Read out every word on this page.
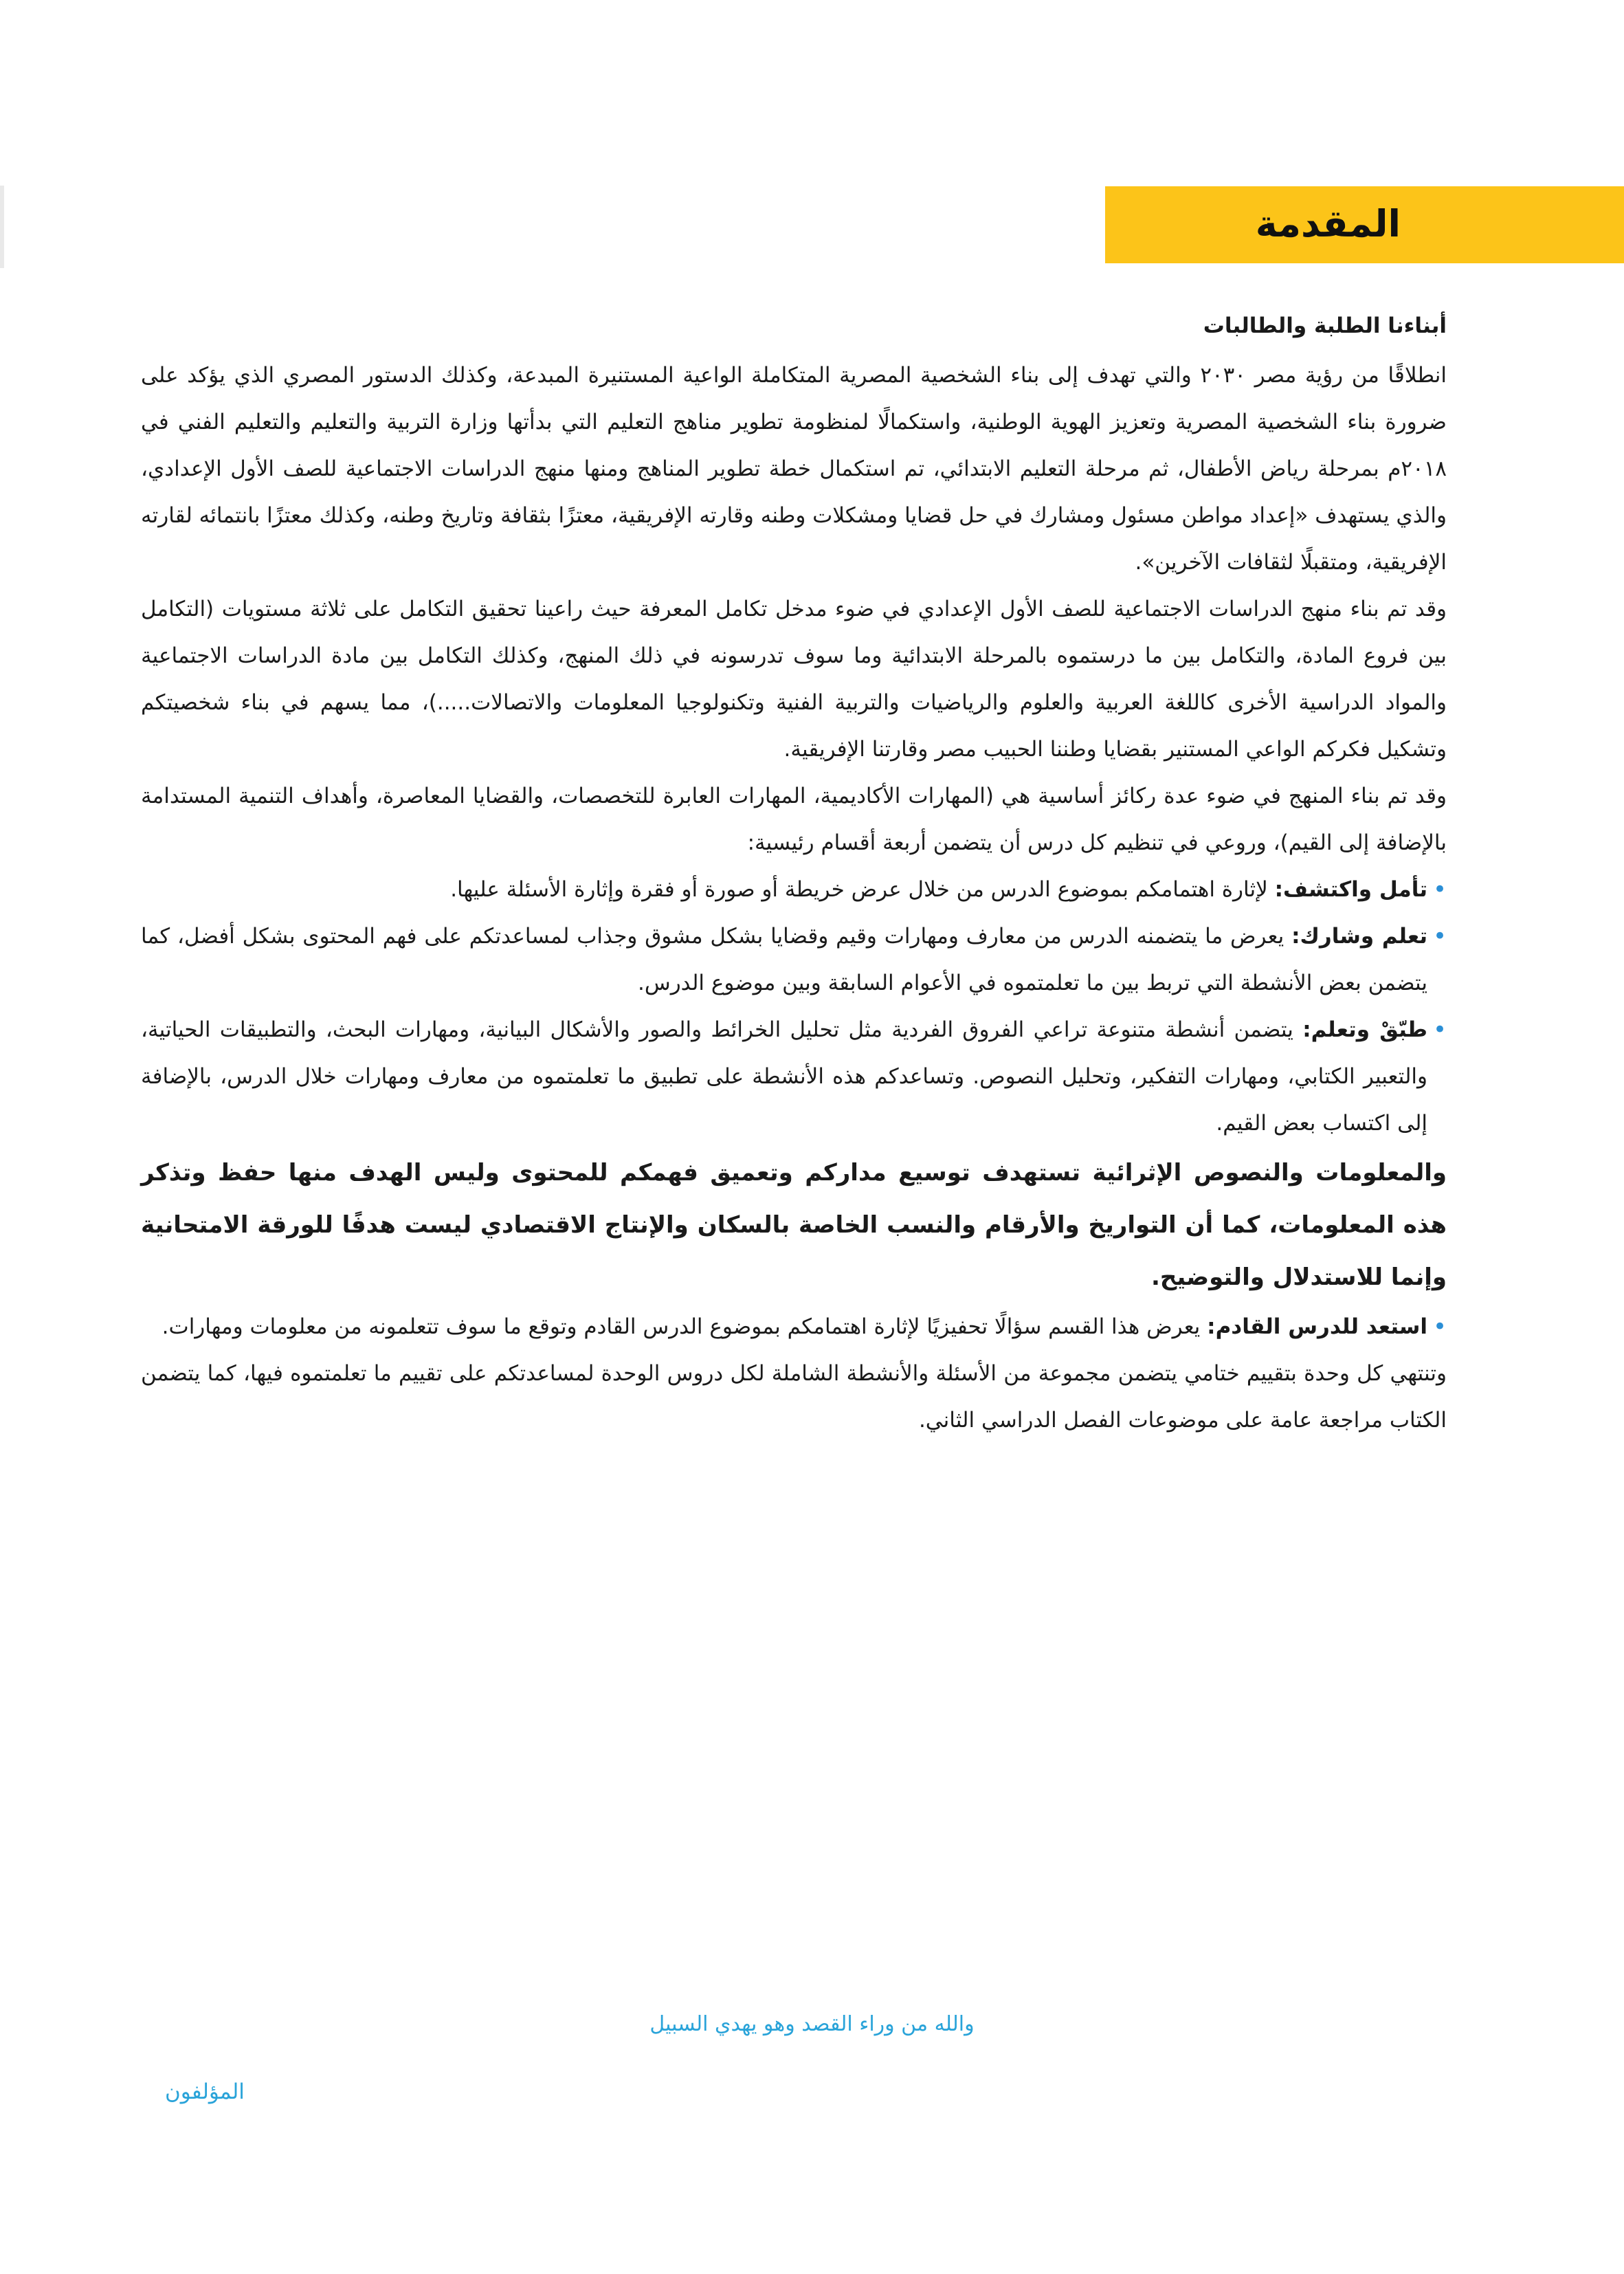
المقدمة

أبناءنا الطلبة والطالبات

انطلاقًا من رؤية مصر ٢٠٣٠ والتي تهدف إلى بناء الشخصية المصرية المتكاملة الواعية المستنيرة المبدعة، وكذلك الدستور المصري الذي يؤكد على ضرورة بناء الشخصية المصرية وتعزيز الهوية الوطنية، واستكمالًا لمنظومة تطوير مناهج التعليم التي بدأتها وزارة التربية والتعليم والتعليم الفني في ٢٠١٨م بمرحلة رياض الأطفال، ثم مرحلة التعليم الابتدائي، تم استكمال خطة تطوير المناهج ومنها منهج الدراسات الاجتماعية للصف الأول الإعدادي، والذي يستهدف «إعداد مواطن مسئول ومشارك في حل قضايا ومشكلات وطنه وقارته الإفريقية، معتزًا بثقافة وتاريخ وطنه، وكذلك معتزًا بانتمائه لقارته الإفريقية، ومتقبلًا لثقافات الآخرين».

وقد تم بناء منهج الدراسات الاجتماعية للصف الأول الإعدادي في ضوء مدخل تكامل المعرفة حيث راعينا تحقيق التكامل على ثلاثة مستويات (التكامل بين فروع المادة، والتكامل بين ما درستموه بالمرحلة الابتدائية وما سوف تدرسونه في ذلك المنهج، وكذلك التكامل بين مادة الدراسات الاجتماعية والمواد الدراسية الأخرى كاللغة العربية والعلوم والرياضيات والتربية الفنية وتكنولوجيا المعلومات والاتصالات.....)، مما يسهم في بناء شخصيتكم وتشكيل فكركم الواعي المستنير بقضايا وطننا الحبيب مصر وقارتنا الإفريقية.

وقد تم بناء المنهج في ضوء عدة ركائز أساسية هي (المهارات الأكاديمية، المهارات العابرة للتخصصات، والقضايا المعاصرة، وأهداف التنمية المستدامة بالإضافة إلى القيم)، وروعي في تنظيم كل درس أن يتضمن أربعة أقسام رئيسية:

• تأمل واكتشف: لإثارة اهتمامكم بموضوع الدرس من خلال عرض خريطة أو صورة أو فقرة وإثارة الأسئلة عليها.

• تعلم وشارك: يعرض ما يتضمنه الدرس من معارف ومهارات وقيم وقضايا بشكل مشوق وجذاب لمساعدتكم على فهم المحتوى بشكل أفضل، كما يتضمن بعض الأنشطة التي تربط بين ما تعلمتموه في الأعوام السابقة وبين موضوع الدرس.

• طبّقْ وتعلم: يتضمن أنشطة متنوعة تراعي الفروق الفردية مثل تحليل الخرائط والصور والأشكال البيانية، ومهارات البحث، والتطبيقات الحياتية، والتعبير الكتابي، ومهارات التفكير، وتحليل النصوص. وتساعدكم هذه الأنشطة على تطبيق ما تعلمتموه من معارف ومهارات خلال الدرس، بالإضافة إلى اكتساب بعض القيم.

والمعلومات والنصوص الإثرائية تستهدف توسيع مداركم وتعميق فهمكم للمحتوى وليس الهدف منها حفظ وتذكر هذه المعلومات، كما أن التواريخ والأرقام والنسب الخاصة بالسكان والإنتاج الاقتصادي ليست هدفًا للورقة الامتحانية وإنما للاستدلال والتوضيح.

• استعد للدرس القادم: يعرض هذا القسم سؤالًا تحفيزيًا لإثارة اهتمامكم بموضوع الدرس القادم وتوقع ما سوف تتعلمونه من معلومات ومهارات.

وتنتهي كل وحدة بتقييم ختامي يتضمن مجموعة من الأسئلة والأنشطة الشاملة لكل دروس الوحدة لمساعدتكم على تقييم ما تعلمتموه فيها، كما يتضمن الكتاب مراجعة عامة على موضوعات الفصل الدراسي الثاني.

والله من وراء القصد وهو يهدي السبيل
المؤلفون
